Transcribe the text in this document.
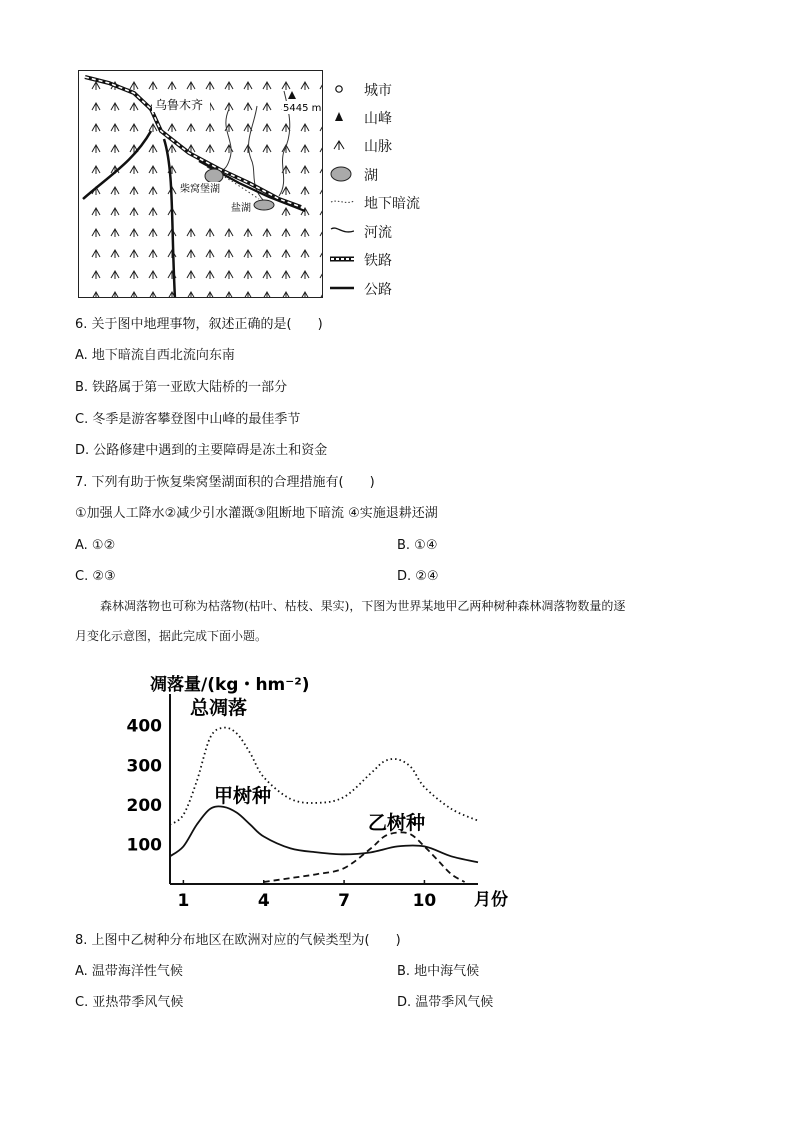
乌鲁木齐	5445 m
柴窝堡湖
盐湖
城市
山峰
山脉
湖
地下暗流
河流
铁路
公路
6. 关于图中地理事物，叙述正确的是(　　)
A. 地下暗流自西北流向东南
B. 铁路属于第一亚欧大陆桥的一部分
C. 冬季是游客攀登图中山峰的最佳季节
D. 公路修建中遇到的主要障碍是冻土和资金
7. 下列有助于恢复柴窝堡湖面积的合理措施有(　　)
①加强人工降水②减少引水灌溉③阻断地下暗流 ④实施退耕还湖
A. ①②	B. ①④
C. ②③	D. ②④
森林凋落物也可称为枯落物(枯叶、枯枝、果实)，下图为世界某地甲乙两种树种森林凋落物数量的逐
月变化示意图，据此完成下面小题。
凋落量/(kg・hm⁻²)
月份
100
200
300
400
1	4	7	10
总凋落
甲树种
乙树种
8. 上图中乙树种分布地区在欧洲对应的气候类型为(　　)
A. 温带海洋性气候	B. 地中海气候
C. 亚热带季风气候	D. 温带季风气候
